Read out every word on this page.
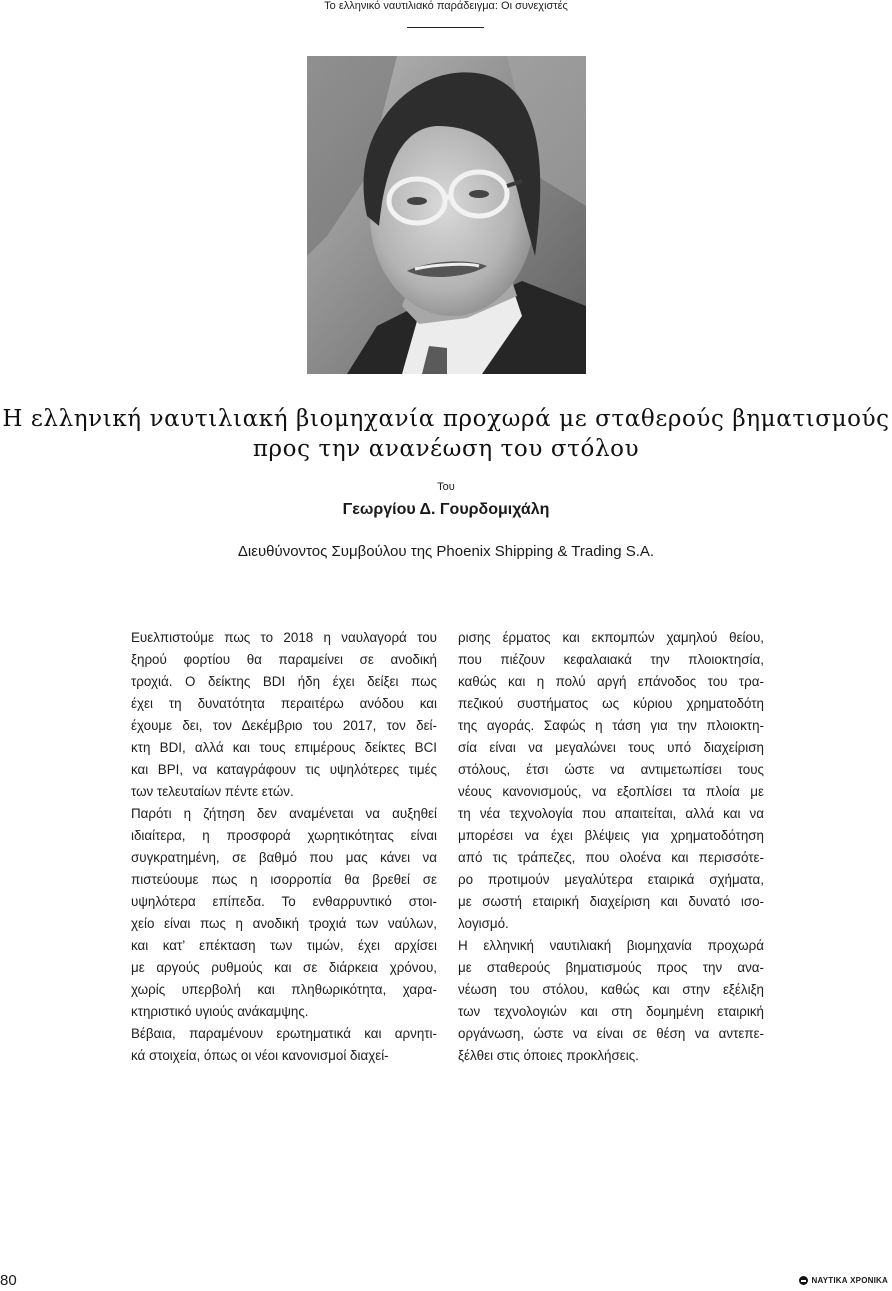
Το ελληνικό ναυτιλιακό παράδειγμα: Οι συνεχιστές
Η ελληνική ναυτιλιακή βιομηχανία προχωρά με σταθερούς βηματισμούς
προς την ανανέωση του στόλου
Του
Γεωργίου Δ. Γουρδομιχάλη
Διευθύνοντος Συμβούλου της Phoenix Shipping & Trading S.A.

Ευελπιστούμε πως το 2018 η ναυλαγορά του
ξηρού φορτίου θα παραμείνει σε ανοδική
τροχιά. Ο δείκτης BDI ήδη έχει δείξει πως
έχει τη δυνατότητα περαιτέρω ανόδου και
έχουμε δει, τον Δεκέμβριο του 2017, τον δεί-
κτη BDI, αλλά και τους επιμέρους δείκτες BCI
και BPI, να καταγράφουν τις υψηλότερες τιμές
των τελευταίων πέντε ετών.

Παρότι η ζήτηση δεν αναμένεται να αυξηθεί
ιδιαίτερα, η προσφορά χωρητικότητας είναι
συγκρατημένη, σε βαθμό που μας κάνει να
πιστεύουμε πως η ισορροπία θα βρεθεί σε
υψηλότερα επίπεδα. Το ενθαρρυντικό στοι-
χείο είναι πως η ανοδική τροχιά των ναύλων,
και κατ’ επέκταση των τιμών, έχει αρχίσει
με αργούς ρυθμούς και σε διάρκεια χρόνου,
χωρίς υπερβολή και πληθωρικότητα, χαρα-
κτηριστικό υγιούς ανάκαμψης.

Βέβαια, παραμένουν ερωτηματικά και αρνητι-
κά στοιχεία, όπως οι νέοι κανονισμοί διαχεί-

ρισης έρματος και εκπομπών χαμηλού θείου,
που πιέζουν κεφαλαιακά την πλοιοκτησία,
καθώς και η πολύ αργή επάνοδος του τρα-
πεζικού συστήματος ως κύριου χρηματοδότη
της αγοράς. Σαφώς η τάση για την πλοιοκτη-
σία είναι να μεγαλώνει τους υπό διαχείριση
στόλους, έτσι ώστε να αντιμετωπίσει τους
νέους κανονισμούς, να εξοπλίσει τα πλοία με
τη νέα τεχνολογία που απαιτείται, αλλά και να
μπορέσει να έχει βλέψεις για χρηματοδότηση
από τις τράπεζες, που ολοένα και περισσότε-
ρο προτιμούν μεγαλύτερα εταιρικά σχήματα,
με σωστή εταιρική διαχείριση και δυνατό ισο-
λογισμό.

Η ελληνική ναυτιλιακή βιομηχανία προχωρά
με σταθερούς βηματισμούς προς την ανα-
νέωση του στόλου, καθώς και στην εξέλιξη
των τεχνολογιών και στη δομημένη εταιρική
οργάνωση, ώστε να είναι σε θέση να αντεπε-
ξέλθει στις όποιες προκλήσεις.

80	ΝΑΥΤΙΚΑ ΧΡΟΝΙΚΑ
